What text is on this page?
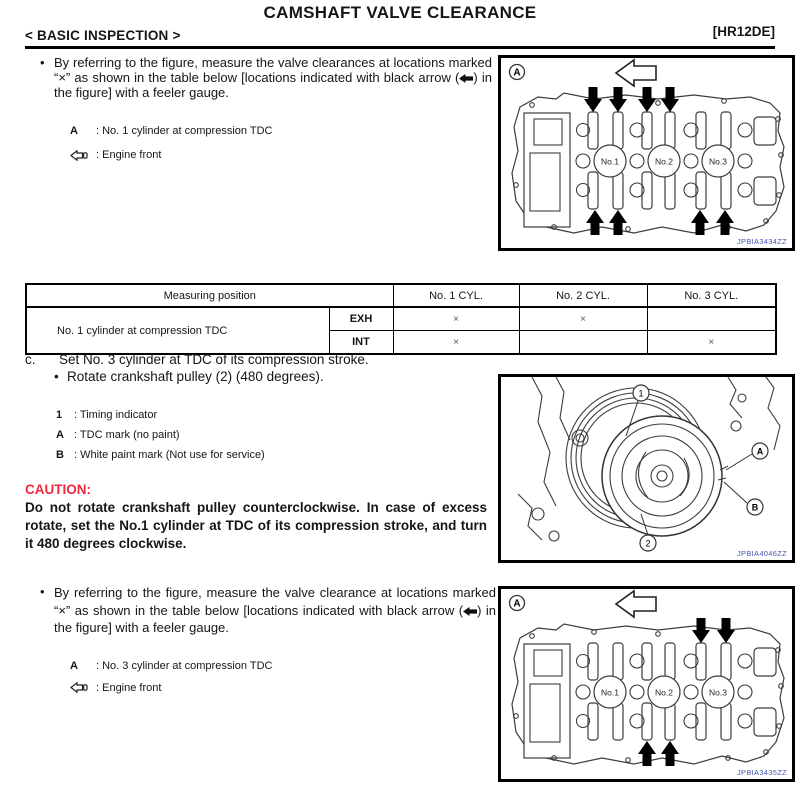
CAMSHAFT VALVE CLEARANCE
< BASIC INSPECTION >	[HR12DE]
• By referring to the figure, measure the valve clearances at locations marked “×” as shown in the table below [locations indicated with black arrow ( ) in the figure] with a feeler gauge.

A	: No. 1 cylinder at compression TDC
: Engine front
A
No.1	No.2	No.3
JPBIA3434ZZ
Measuring position		No. 1 CYL.	No. 2 CYL.	No. 3 CYL.
No. 1 cylinder at compression TDC	EXH	×	×	
	INT	×		×
c.	Set No. 3 cylinder at TDC of its compression stroke.
• Rotate crankshaft pulley (2) (480 degrees).
1	: Timing indicator
A : TDC mark (no paint)
B : White paint mark (Not use for service)
CAUTION:
Do not rotate crankshaft pulley counterclockwise. In case of excess rotate, set the No.1 cylinder at TDC of its compression stroke, and turn it 480 degrees clockwise.
1
2
A
B
JPBIA4046ZZ
• By referring to the figure, measure the valve clearance at locations marked “×” as shown in the table below [locations indicated with black arrow ( ) in the figure] with a feeler gauge.

A	: No. 3 cylinder at compression TDC
: Engine front
A
No.1	No.2	No.3
JPBIA3435ZZ
